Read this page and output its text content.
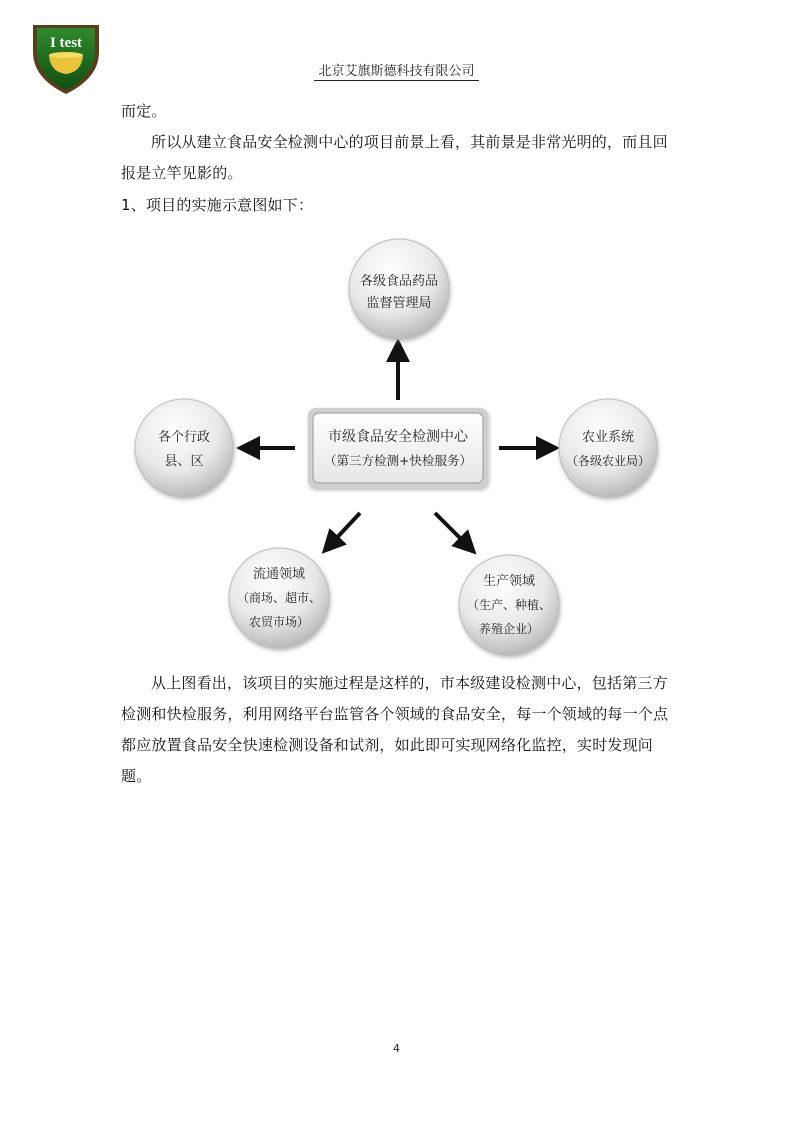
I test
北京艾旗斯德科技有限公司
而定。
所以从建立食品安全检测中心的项目前景上看，其前景是非常光明的，而且回报是立竿见影的。
1、项目的实施示意图如下：
各级食品药品
监督管理局
各个行政
县、区
农业系统
（各级农业局）
市级食品安全检测中心
（第三方检测+快检服务）
流通领域
（商场、超市、
农贸市场）
生产领域
（生产、种植、
养殖企业）
从上图看出，该项目的实施过程是这样的，市本级建设检测中心，包括第三方检测和快检服务，利用网络平台监管各个领域的食品安全，每一个领域的每一个点都应放置食品安全快速检测设备和试剂，如此即可实现网络化监控，实时发现问题。
4
